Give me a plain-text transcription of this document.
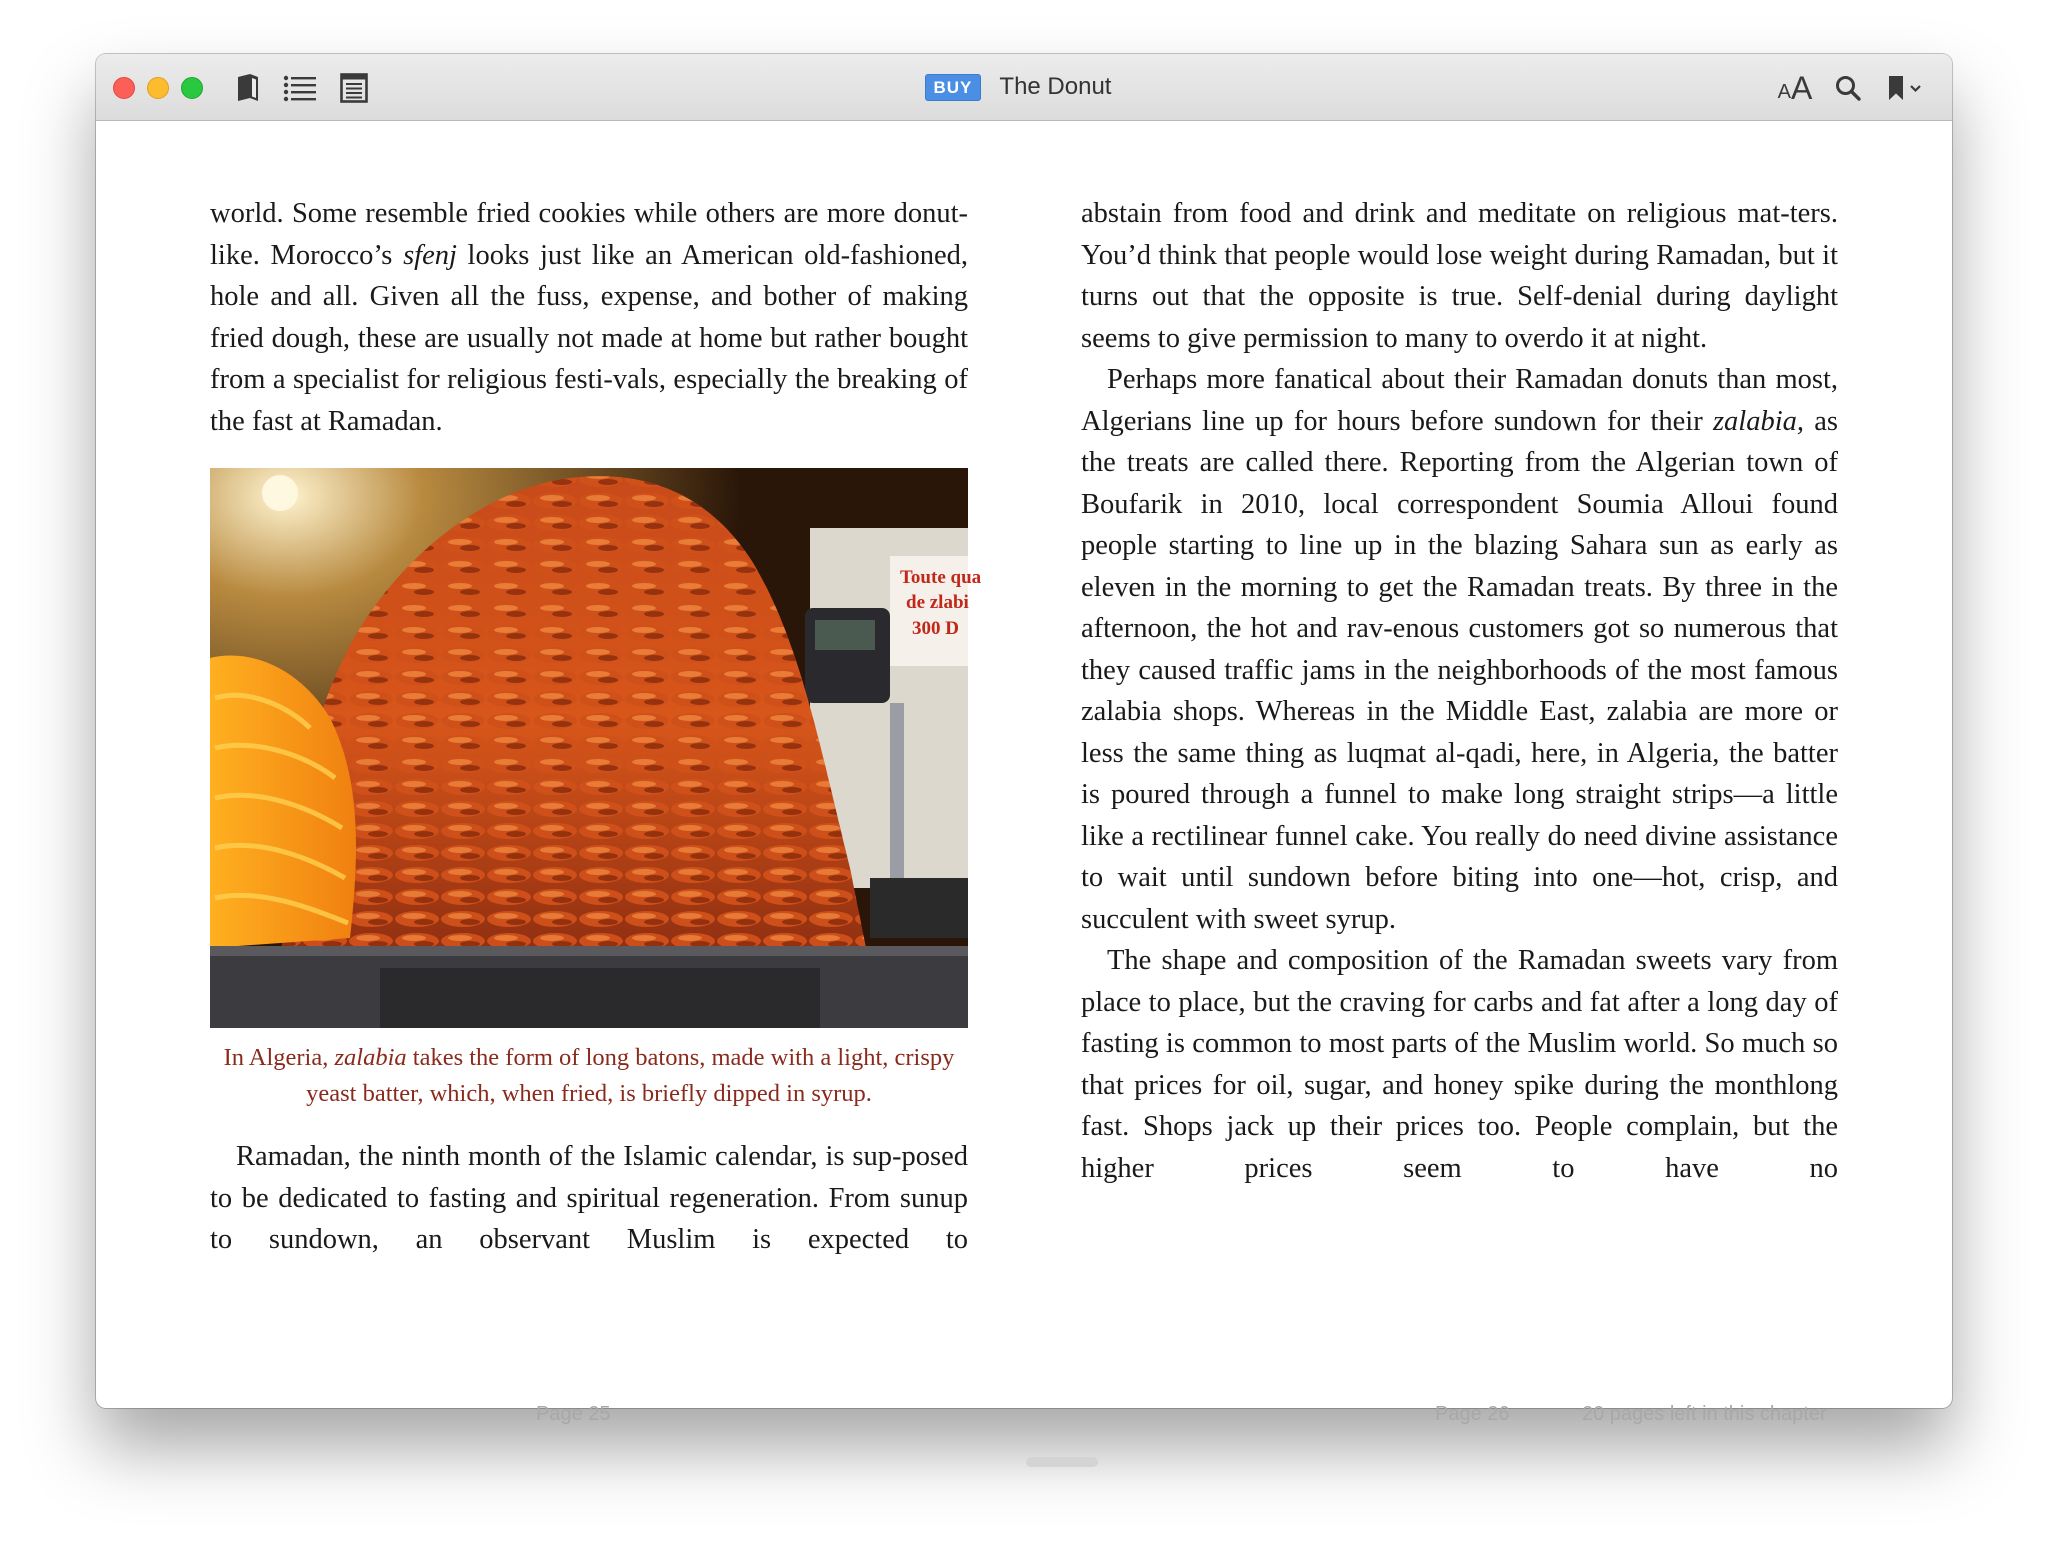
BUY	The Donut	A A

world. Some resemble fried cookies while others are more donut-like. Morocco’s sfenj looks just like an American old-fashioned, hole and all. Given all the fuss, expense, and bother of making fried dough, these are usually not made at home but rather bought from a specialist for religious festi-vals, especially the breaking of the fast at Ramadan.

Toute qua
de zlabi
300 D

In Algeria, zalabia takes the form of long batons, made with a light, crispy yeast batter, which, when fried, is briefly dipped in syrup.

Ramadan, the ninth month of the Islamic calendar, is sup-posed to be dedicated to fasting and spiritual regeneration. From sunup to sundown, an observant Muslim is expected to

abstain from food and drink and meditate on religious mat-ters. You’d think that people would lose weight during Ramadan, but it turns out that the opposite is true. Self-denial during daylight seems to give permission to many to overdo it at night.

Perhaps more fanatical about their Ramadan donuts than most, Algerians line up for hours before sundown for their zalabia, as the treats are called there. Reporting from the Algerian town of Boufarik in 2010, local correspondent Soumia Alloui found people starting to line up in the blazing Sahara sun as early as eleven in the morning to get the Ramadan treats. By three in the afternoon, the hot and rav-enous customers got so numerous that they caused traffic jams in the neighborhoods of the most famous zalabia shops. Whereas in the Middle East, zalabia are more or less the same thing as luqmat al-qadi, here, in Algeria, the batter is poured through a funnel to make long straight strips—a little like a rectilinear funnel cake. You really do need divine assistance to wait until sundown before biting into one—hot, crisp, and succulent with sweet syrup.

The shape and composition of the Ramadan sweets vary from place to place, but the craving for carbs and fat after a long day of fasting is common to most parts of the Muslim world. So much so that prices for oil, sugar, and honey spike during the monthlong fast. Shops jack up their prices too. People complain, but the higher prices seem to have no

Page 25	Page 26	20 pages left in this chapter
